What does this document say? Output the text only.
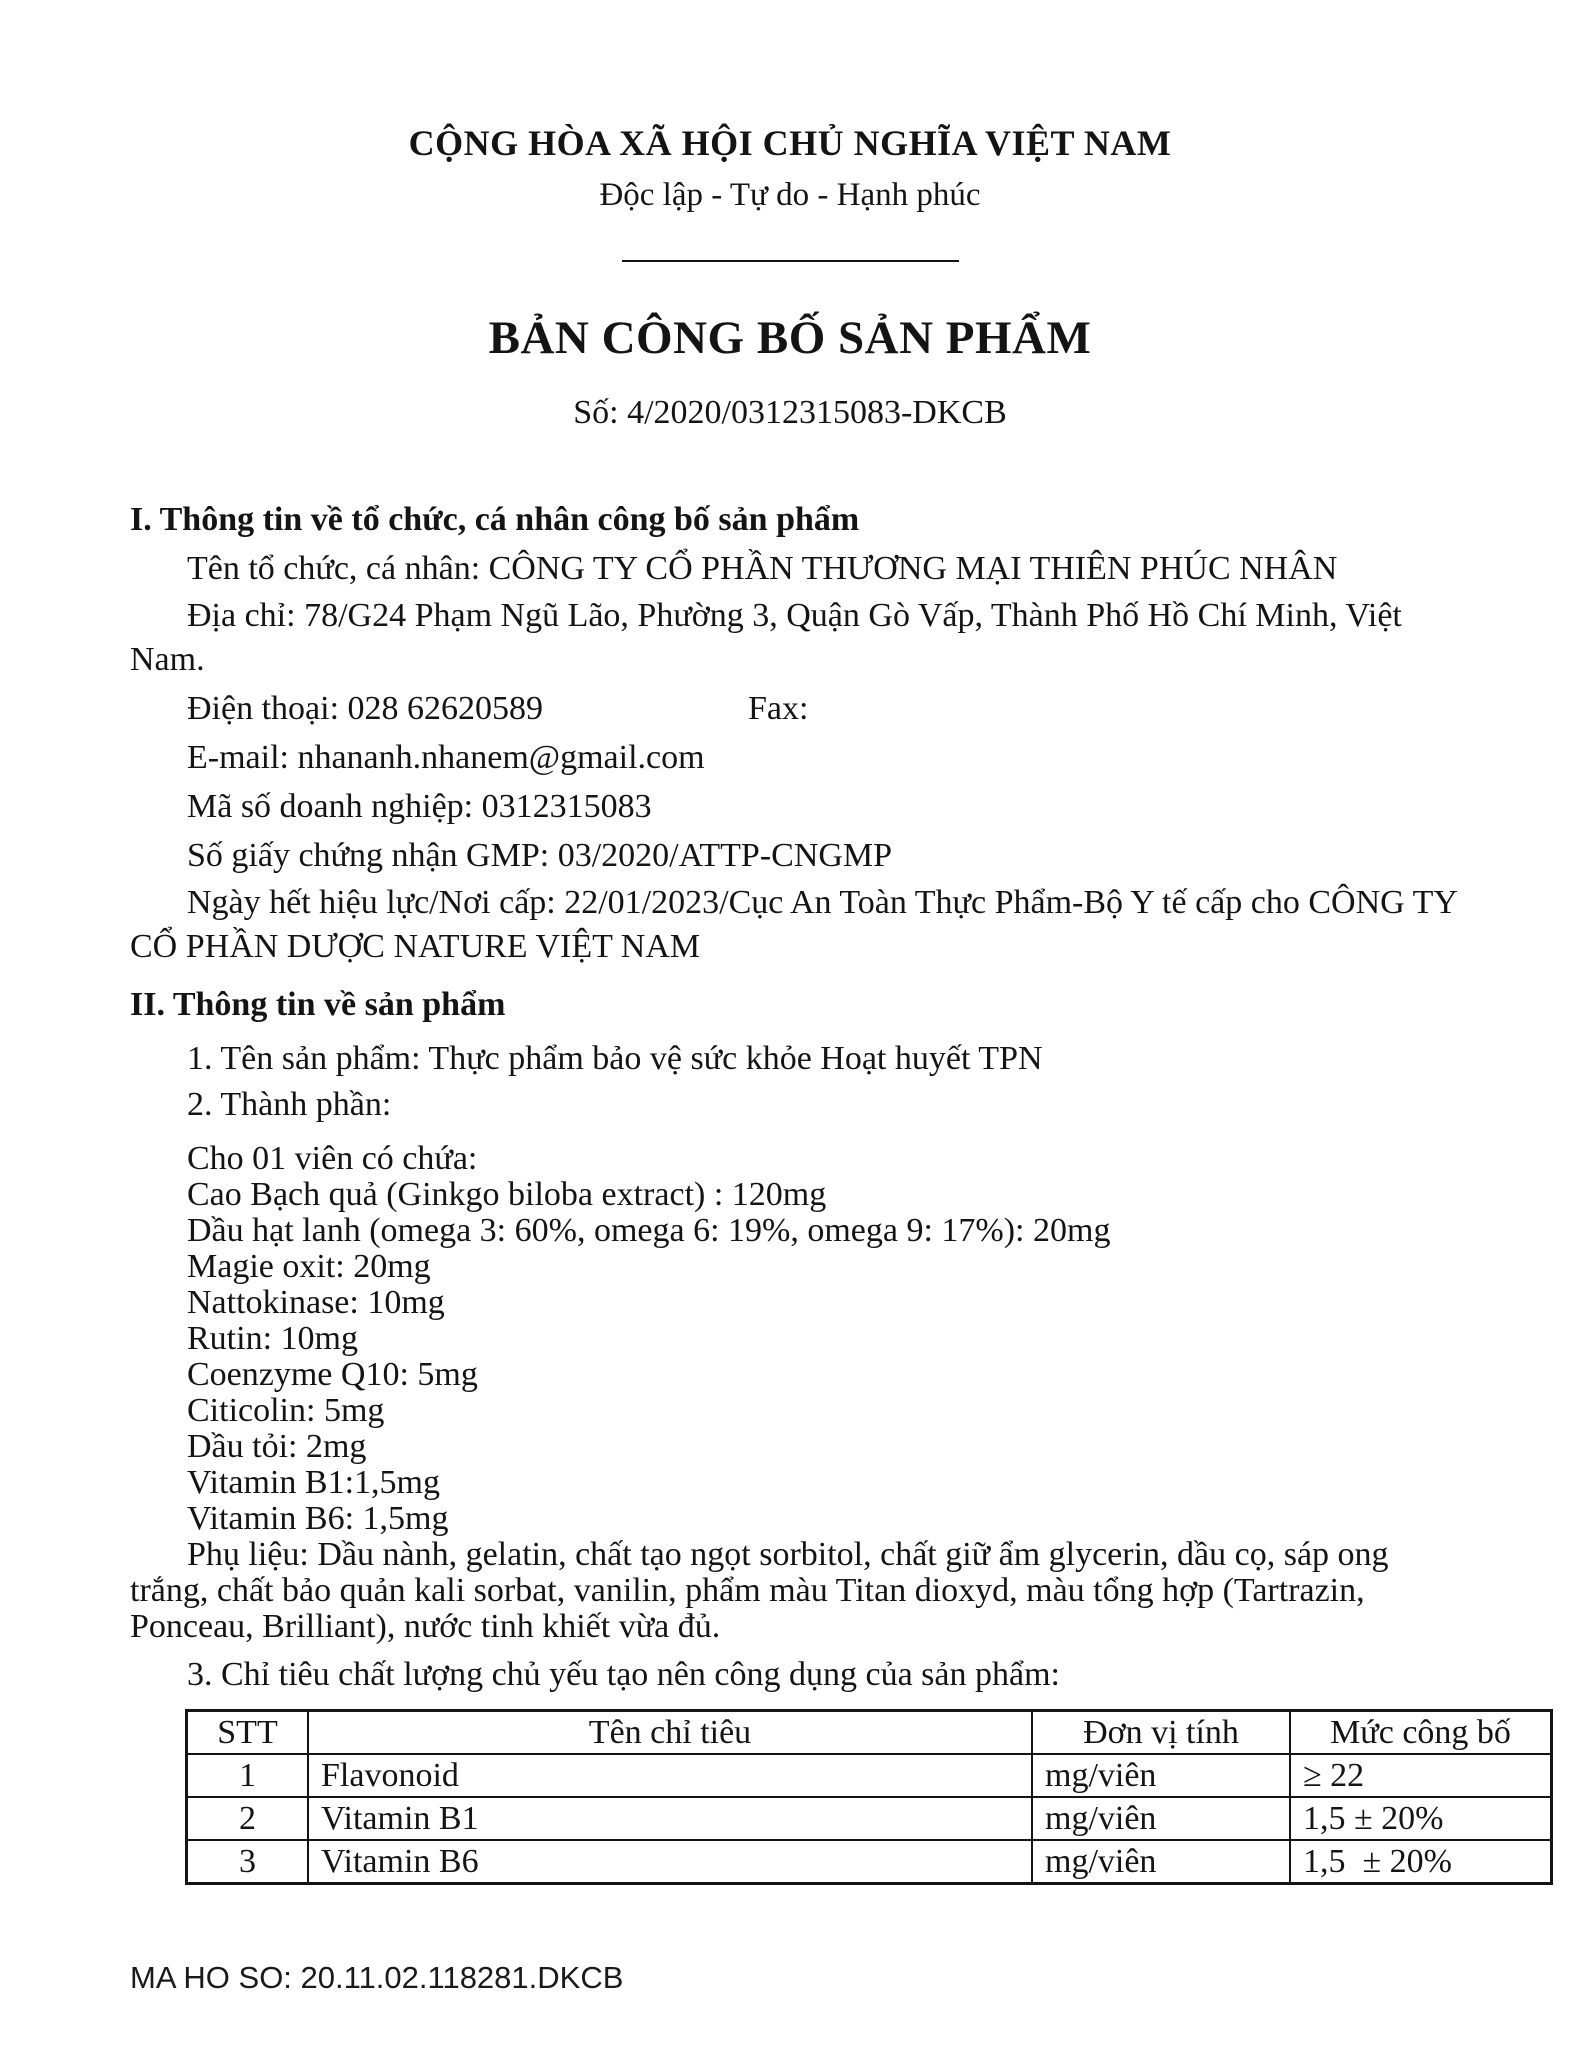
CỘNG HÒA XÃ HỘI CHỦ NGHĨA VIỆT NAM
Độc lập - Tự do - Hạnh phúc
BẢN CÔNG BỐ SẢN PHẨM
Số: 4/2020/0312315083-DKCB
I. Thông tin về tổ chức, cá nhân công bố sản phẩm
Tên tổ chức, cá nhân: CÔNG TY CỔ PHẦN THƯƠNG MẠI THIÊN PHÚC NHÂN
Địa chỉ: 78/G24 Phạm Ngũ Lão, Phường 3, Quận Gò Vấp, Thành Phố Hồ Chí Minh, Việt
Nam.
Điện thoại: 028 62620589	Fax:
E-mail: nhananh.nhanem@gmail.com
Mã số doanh nghiệp: 0312315083
Số giấy chứng nhận GMP: 03/2020/ATTP-CNGMP
Ngày hết hiệu lực/Nơi cấp: 22/01/2023/Cục An Toàn Thực Phẩm-Bộ Y tế cấp cho CÔNG TY
CỔ PHẦN DƯỢC NATURE VIỆT NAM
II. Thông tin về sản phẩm
1. Tên sản phẩm: Thực phẩm bảo vệ sức khỏe Hoạt huyết TPN
2. Thành phần:
Cho 01 viên có chứa:
Cao Bạch quả (Ginkgo biloba extract) : 120mg
Dầu hạt lanh (omega 3: 60%, omega 6: 19%, omega 9: 17%): 20mg
Magie oxit: 20mg
Nattokinase: 10mg
Rutin: 10mg
Coenzyme Q10: 5mg
Citicolin: 5mg
Dầu tỏi: 2mg
Vitamin B1:1,5mg
Vitamin B6: 1,5mg
Phụ liệu: Dầu nành, gelatin, chất tạo ngọt sorbitol, chất giữ ẩm glycerin, dầu cọ, sáp ong
trắng, chất bảo quản kali sorbat, vanilin, phẩm màu Titan dioxyd, màu tổng hợp (Tartrazin,
Ponceau, Brilliant), nước tinh khiết vừa đủ.
3. Chỉ tiêu chất lượng chủ yếu tạo nên công dụng của sản phẩm:
STT	Tên chỉ tiêu	Đơn vị tính	Mức công bố
1	Flavonoid	mg/viên	≥ 22
2	Vitamin B1	mg/viên	1,5 ± 20%
3	Vitamin B6	mg/viên	1,5  ± 20%
MA HO SO: 20.11.02.118281.DKCB
